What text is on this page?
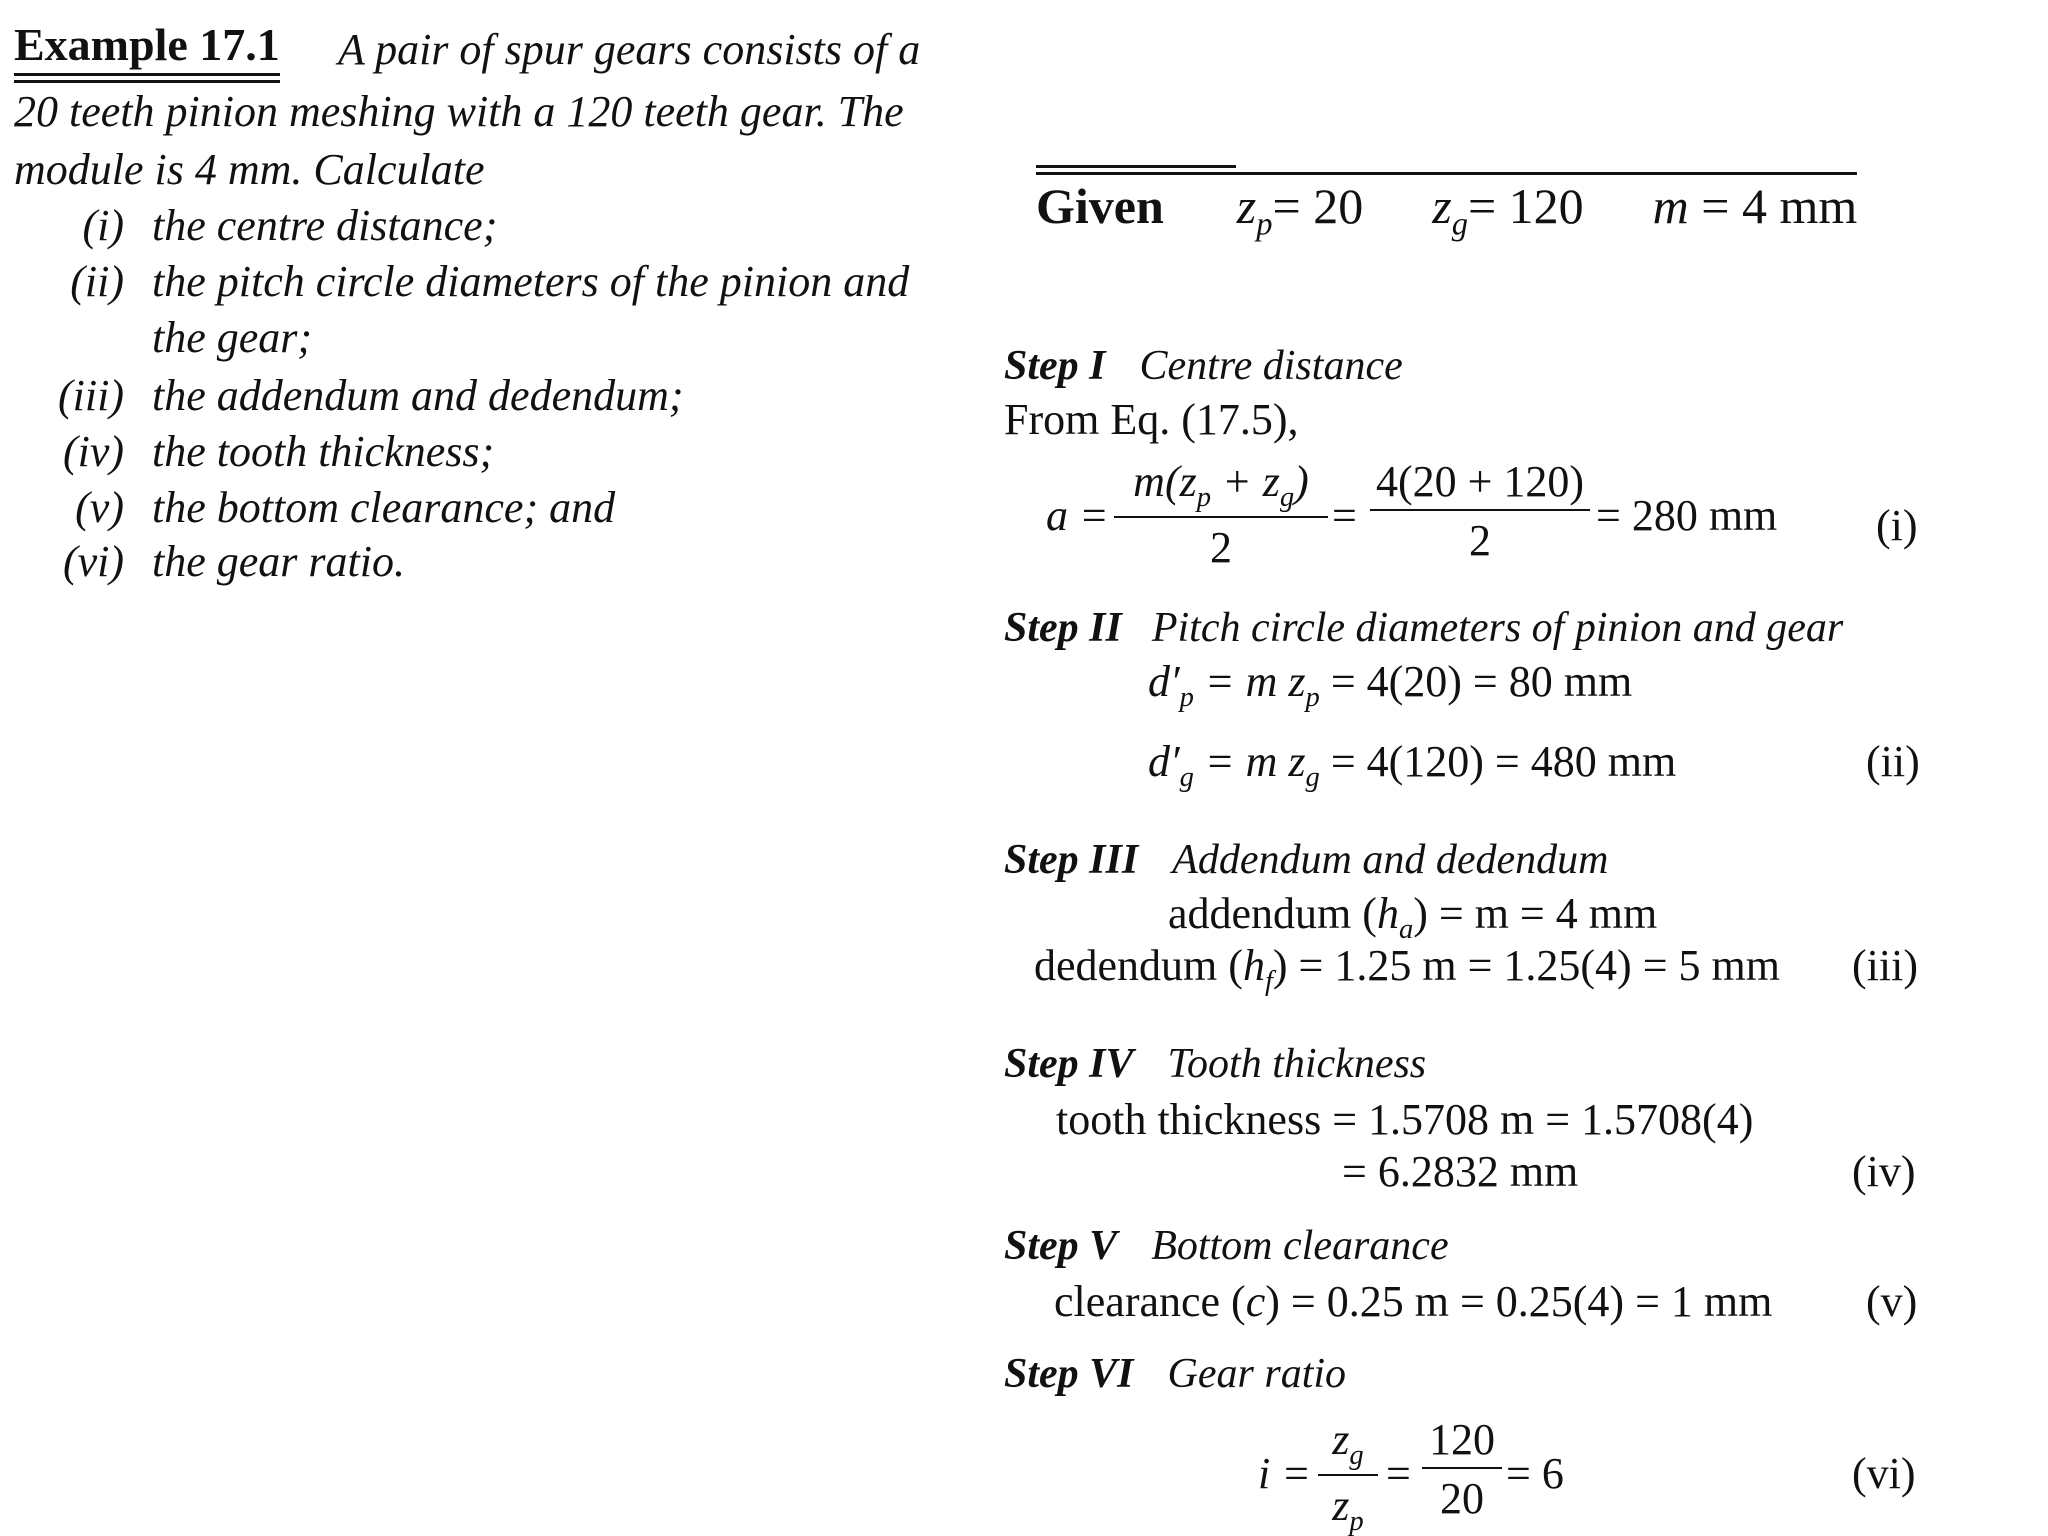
Example 17.1 A pair of spur gears consists of a
20 teeth pinion meshing with a 120 teeth gear. The
module is 4 mm. Calculate
(i) the centre distance;
(ii) the pitch circle diameters of the pinion and
the gear;
(iii) the addendum and dedendum;
(iv) the tooth thickness;
(v) the bottom clearance; and
(vi) the gear ratio.
Given $z_p= 20$ $z_g= 120$ m = 4 mm
Step I Centre distance
From Eq. (17.5),
a =
$m(z_p + z_g)$
2
=
4(20 + 120)
2
= 280 mm (i)
Step II Pitch circle diameters of pinion and gear
$d'_p = m$ $z_p = 4(20) = 80$ mm
$d'_g = m$ $z_g = 4(120) = 480$ mm	(ii)
Step III Addendum and dedendum
addendum $(h_a) = m = 4$ mm
dedendum $(h_f) = 1.25$ m = 1.25(4) = 5 mm (iii)
Step IV Tooth thickness
tooth thickness = 1.5708 m = 1.5708(4)
= 6.2832 mm	(iv)
Step V Bottom clearance
clearance (c) = 0.25 m = 0.25(4) = 1 mm (v)
Step VI Gear ratio
i =
$z_g$
$z_p$
=
120
20
= 6	(vi)
